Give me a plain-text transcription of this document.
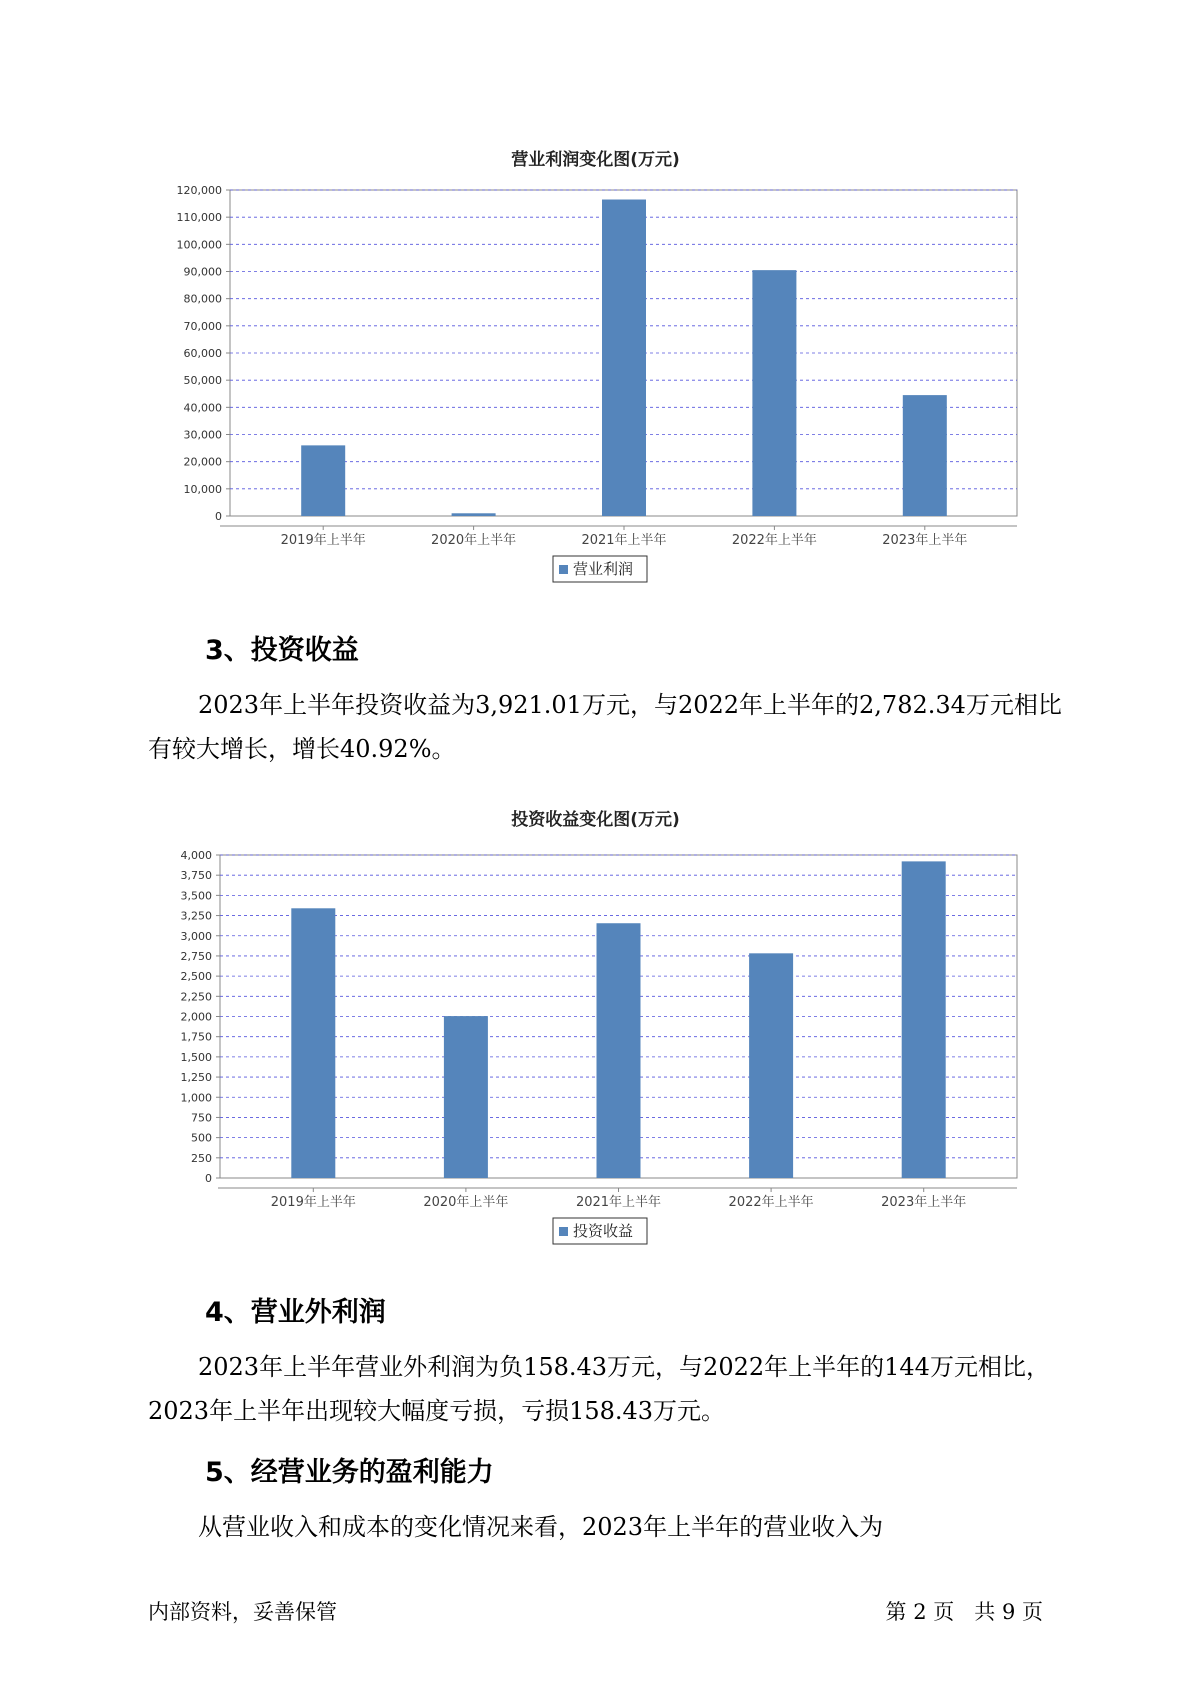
营业利润变化图(万元)
0
10,000
20,000
30,000
40,000
50,000
60,000
70,000
80,000
90,000
100,000
110,000
120,000
2019年上半年	2020年上半年	2021年上半年	2022年上半年	2023年上半年
营业利润
3、投资收益

2023年上半年投资收益为3,921.01万元，与2022年上半年的2,782.34万元相比有较大增长，增长40.92%。

投资收益变化图(万元)
0
250
500
750
1,000
1,250
1,500
1,750
2,000
2,250
2,500
2,750
3,000
3,250
3,500
3,750
4,000
2019年上半年	2020年上半年	2021年上半年	2022年上半年	2023年上半年
投资收益
4、营业外利润

2023年上半年营业外利润为负158.43万元，与2022年上半年的144万元相比，2023年上半年出现较大幅度亏损，亏损158.43万元。

5、经营业务的盈利能力

从营业收入和成本的变化情况来看，2023年上半年的营业收入为

内部资料，妥善保管	第 2 页   共 9 页
